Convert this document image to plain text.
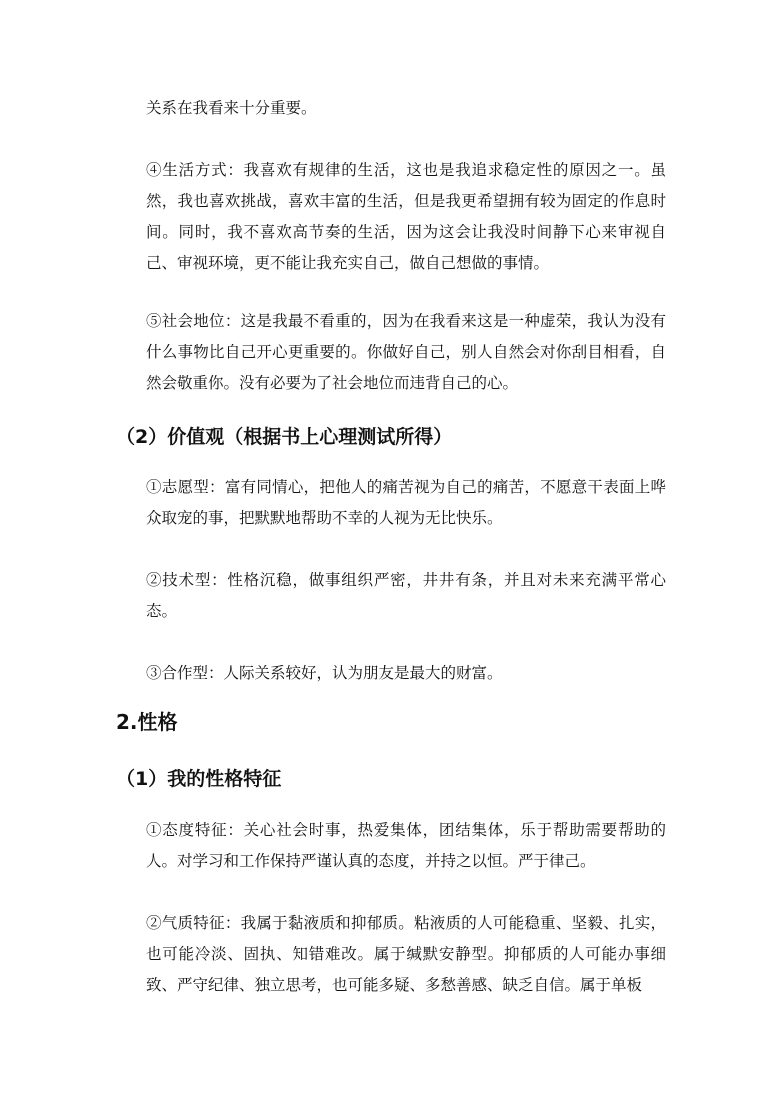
关系在我看来十分重要。

④生活方式：我喜欢有规律的生活，这也是我追求稳定性的原因之一。虽然，我也喜欢挑战，喜欢丰富的生活，但是我更希望拥有较为固定的作息时间。同时，我不喜欢高节奏的生活，因为这会让我没时间静下心来审视自己、审视环境，更不能让我充实自己，做自己想做的事情。

⑤社会地位：这是我最不看重的，因为在我看来这是一种虚荣，我认为没有什么事物比自己开心更重要的。你做好自己，别人自然会对你刮目相看，自然会敬重你。没有必要为了社会地位而违背自己的心。

（2）价值观（根据书上心理测试所得）

①志愿型：富有同情心，把他人的痛苦视为自己的痛苦，不愿意干表面上哗众取宠的事，把默默地帮助不幸的人视为无比快乐。

②技术型：性格沉稳，做事组织严密，井井有条，并且对未来充满平常心态。

③合作型：人际关系较好，认为朋友是最大的财富。

2.性格
（1）我的性格特征

①态度特征：关心社会时事，热爱集体，团结集体，乐于帮助需要帮助的人。对学习和工作保持严谨认真的态度，并持之以恒。严于律己。

②气质特征：我属于黏液质和抑郁质。粘液质的人可能稳重、坚毅、扎实，也可能冷淡、固执、知错难改。属于缄默安静型。抑郁质的人可能办事细致、严守纪律、独立思考，也可能多疑、多愁善感、缺乏自信。属于单板
